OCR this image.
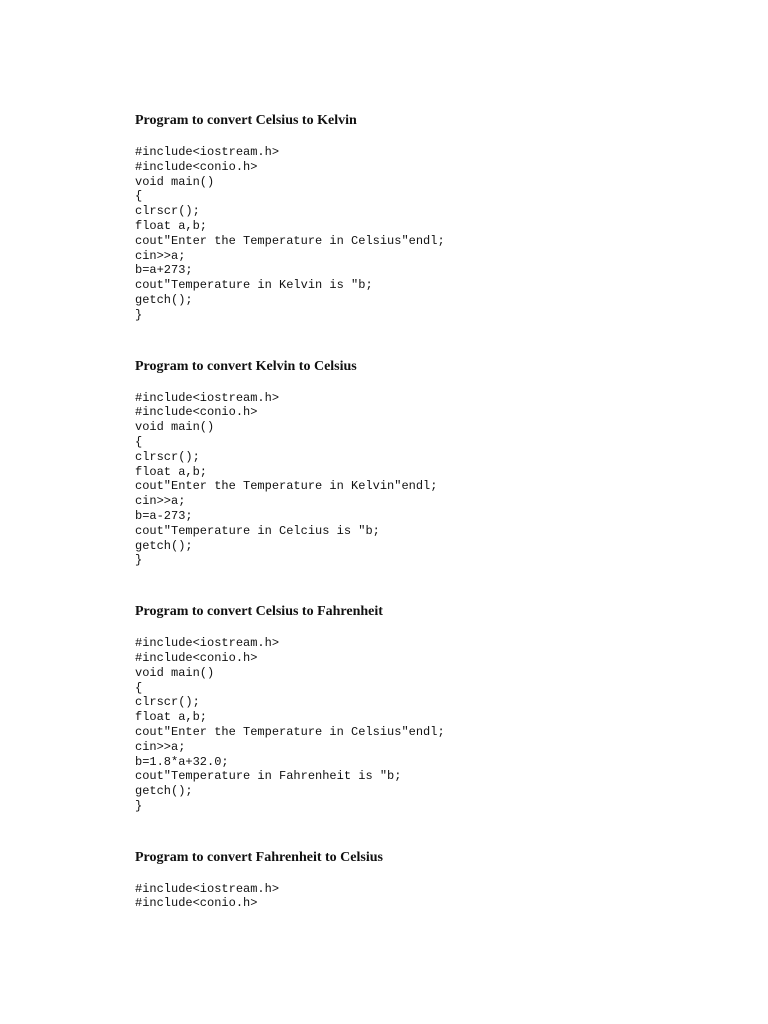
Program to convert Celsius to Kelvin
#include<iostream.h>
#include<conio.h>
void main()
{
clrscr();
float a,b;
cout"Enter the Temperature in Celsius"endl;
cin>>a;
b=a+273;
cout"Temperature in Kelvin is "b;
getch();
}
Program to convert Kelvin to Celsius
#include<iostream.h>
#include<conio.h>
void main()
{
clrscr();
float a,b;
cout"Enter the Temperature in Kelvin"endl;
cin>>a;
b=a-273;
cout"Temperature in Celcius is "b;
getch();
}
Program to convert Celsius to Fahrenheit
#include<iostream.h>
#include<conio.h>
void main()
{
clrscr();
float a,b;
cout"Enter the Temperature in Celsius"endl;
cin>>a;
b=1.8*a+32.0;
cout"Temperature in Fahrenheit is "b;
getch();
}
Program to convert Fahrenheit to Celsius
#include<iostream.h>
#include<conio.h>
